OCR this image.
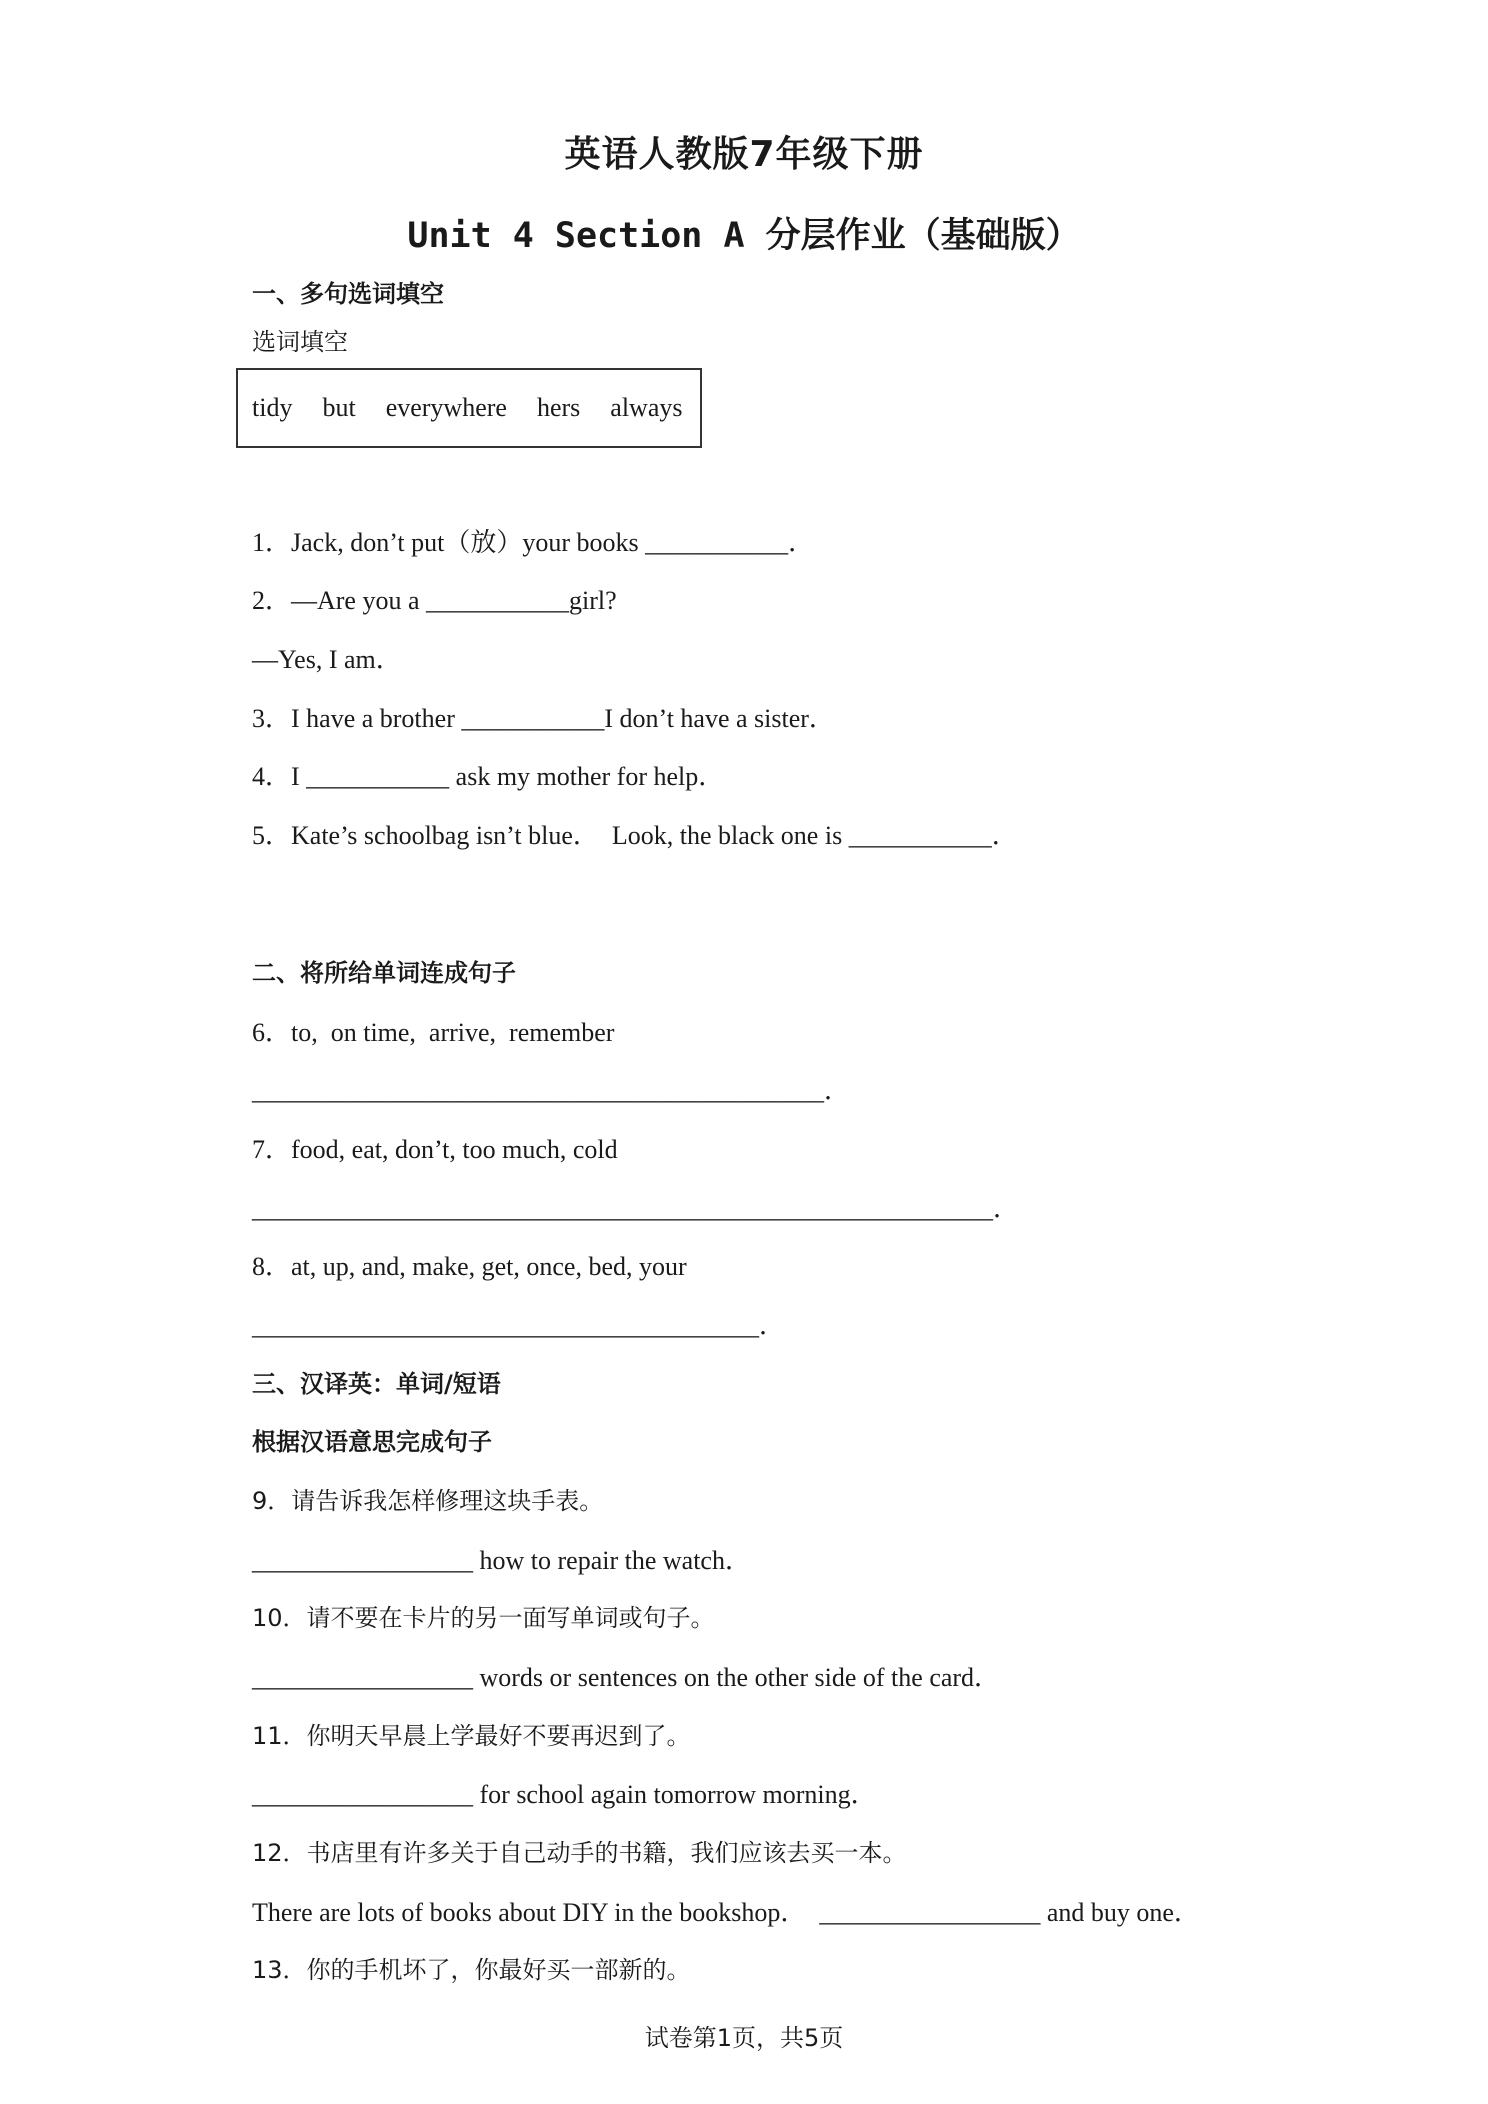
英语人教版7年级下册
Unit 4 Section A 分层作业（基础版）
一、多句选词填空
选词填空
tidy but everywhere hers always
1．Jack, don’t put（放）your books ___________．
2．—Are you a ___________girl?
—Yes, I am．
3．I have a brother ___________I don’t have a sister．
4．I ___________ ask my mother for help．
5．Kate’s schoolbag isn’t blue．  Look, the black one is ___________．
二、将所给单词连成句子
6．to,  on time,  arrive,  remember
____________________________________________．
7．food, eat, don’t, too much, cold
_________________________________________________________．
8．at, up, and, make, get, once, bed, your
_______________________________________．
三、汉译英：单词/短语
根据汉语意思完成句子
9．请告诉我怎样修理这块手表。
_________________ how to repair the watch．
10．请不要在卡片的另一面写单词或句子。
_________________ words or sentences on the other side of the card．
11．你明天早晨上学最好不要再迟到了。
_________________ for school again tomorrow morning．
12．书店里有许多关于自己动手的书籍，我们应该去买一本。
There are lots of books about DIY in the bookshop．  _________________ and buy one．
13．你的手机坏了，你最好买一部新的。
试卷第1页，共5页
